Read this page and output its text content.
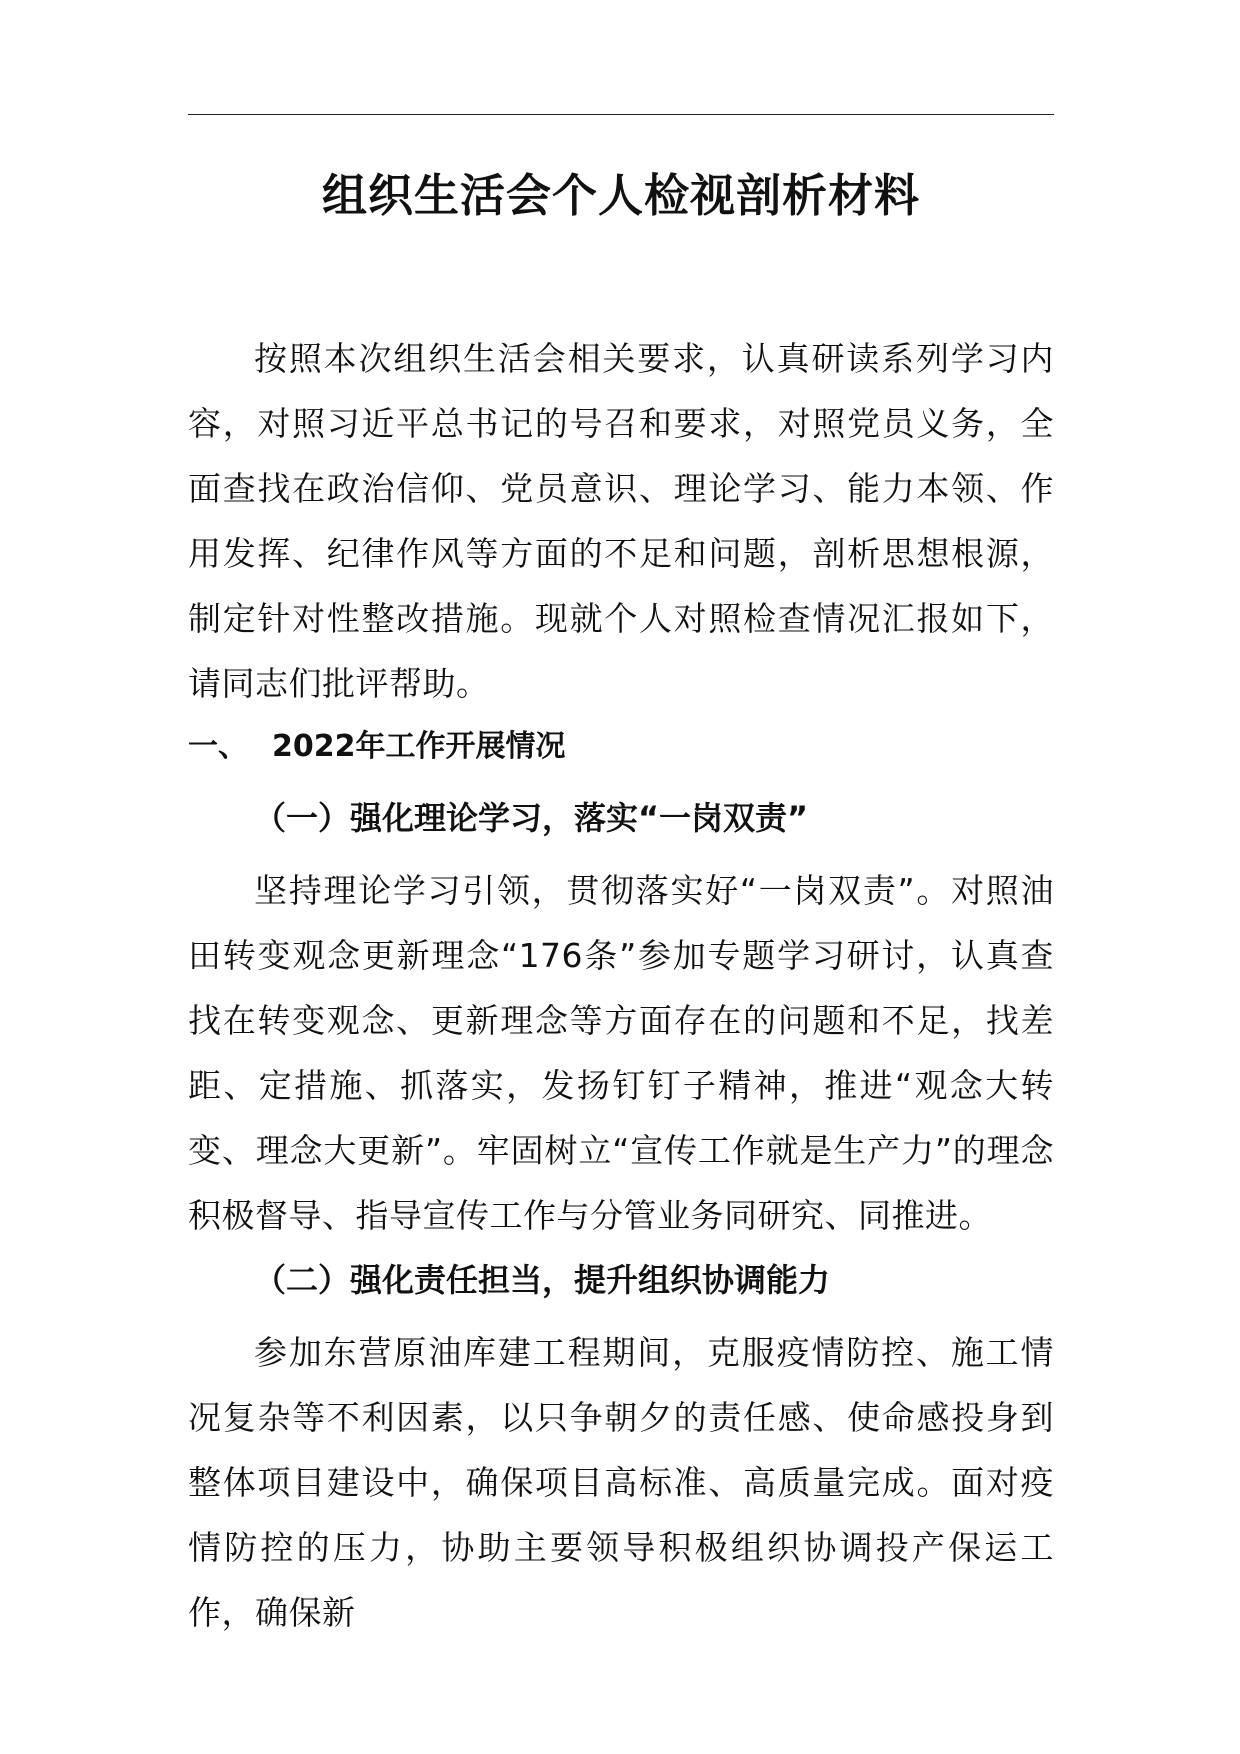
组织生活会个人检视剖析材料

按照本次组织生活会相关要求，认真研读系列学习内容，对照习近平总书记的号召和要求，对照党员义务，全面查找在政治信仰、党员意识、理论学习、能力本领、作用发挥、纪律作风等方面的不足和问题，剖析思想根源，制定针对性整改措施。现就个人对照检查情况汇报如下，请同志们批评帮助。

一、 2022年工作开展情况
（一）强化理论学习，落实“一岗双责”

坚持理论学习引领，贯彻落实好“一岗双责”。对照油田转变观念更新理念“176条”参加专题学习研讨，认真查找在转变观念、更新理念等方面存在的问题和不足，找差距、定措施、抓落实，发扬钉钉子精神，推进“观念大转变、理念大更新”。牢固树立“宣传工作就是生产力”的理念积极督导、指导宣传工作与分管业务同研究、同推进。

（二）强化责任担当，提升组织协调能力

参加东营原油库建工程期间，克服疫情防控、施工情况复杂等不利因素，以只争朝夕的责任感、使命感投身到整体项目建设中，确保项目高标准、高质量完成。面对疫情防控的压力，协助主要领导积极组织协调投产保运工作，确保新
